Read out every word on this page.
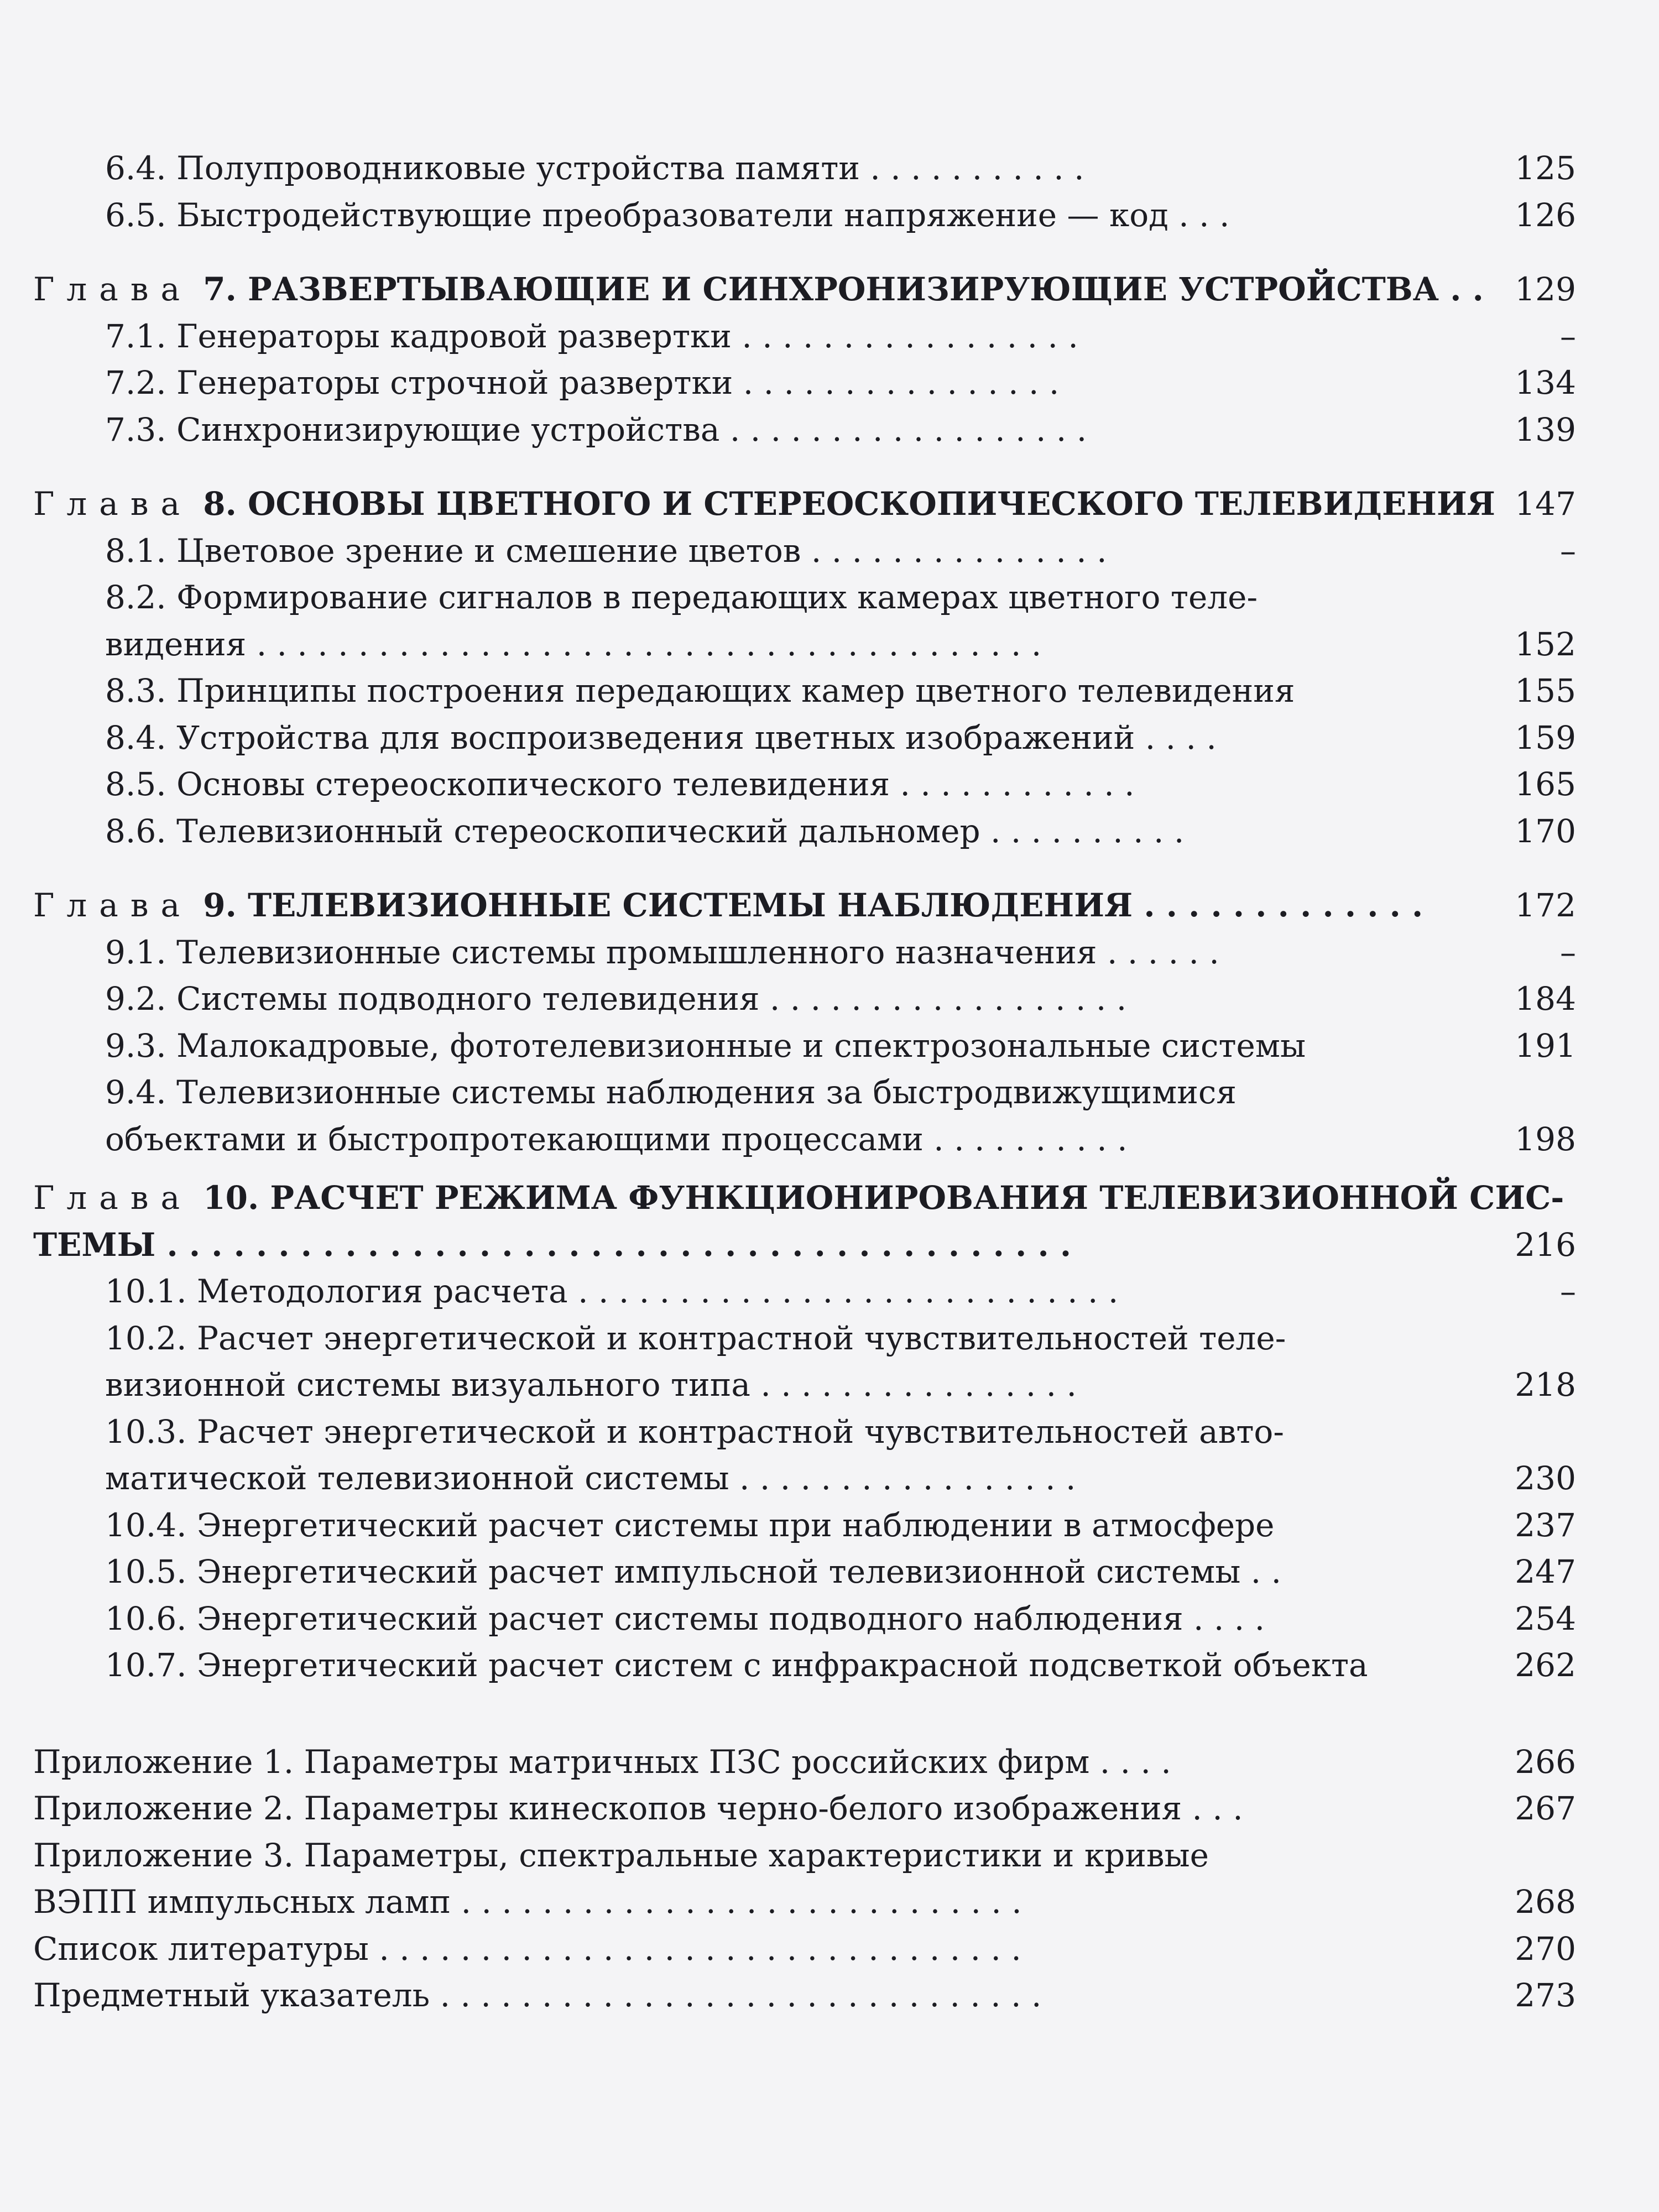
6.4. Полупроводниковые устройства памяти . . . . . . . . . . .	125
6.5. Быстродействующие преобразователи напряжение — код . . .	126
Глава 7. РАЗВЕРТЫВАЮЩИЕ И СИНХРОНИЗИРУЮЩИЕ УСТРОЙСТВА . . 129
7.1. Генераторы кадровой развертки . . . . . . . . . . . . . . . . .	–
7.2. Генераторы строчной развертки . . . . . . . . . . . . . . . .	134
7.3. Синхронизирующие устройства . . . . . . . . . . . . . . . . . .	139
Глава 8. ОСНОВЫ ЦВЕТНОГО И СТЕРЕОСКОПИЧЕСКОГО ТЕЛЕВИДЕНИЯ 147
8.1. Цветовое зрение и смешение цветов . . . . . . . . . . . . . . .	–
8.2. Формирование сигналов в передающих камерах цветного теле-
видения . . . . . . . . . . . . . . . . . . . . . . . . . . . . . . . . . . . . . . .	152
8.3. Принципы построения передающих камер цветного телевидения	155
8.4. Устройства для воспроизведения цветных изображений . . . .	159
8.5. Основы стереоскопического телевидения . . . . . . . . . . . .	165
8.6. Телевизионный стереоскопический дальномер . . . . . . . . . .	170
Глава 9. ТЕЛЕВИЗИОННЫЕ СИСТЕМЫ НАБЛЮДЕНИЯ . . . . . . . . . . . . .	172
9.1. Телевизионные системы промышленного назначения . . . . . .	–
9.2. Системы подводного телевидения . . . . . . . . . . . . . . . . . .	184
9.3. Малокадровые, фототелевизионные и спектрозональные системы	191
9.4. Телевизионные системы наблюдения за быстродвижущимися
объектами и быстропротекающими процессами . . . . . . . . . .	198
Глава 10. РАСЧЕТ РЕЖИМА ФУНКЦИОНИРОВАНИЯ ТЕЛЕВИЗИОННОЙ СИС-
ТЕМЫ . . . . . . . . . . . . . . . . . . . . . . . . . . . . . . . . . . . . . . . . .	216
10.1. Методология расчета . . . . . . . . . . . . . . . . . . . . . . . . . . .	–
10.2. Расчет энергетической и контрастной чувствительностей теле-
визионной системы визуального типа . . . . . . . . . . . . . . . .	218
10.3. Расчет энергетической и контрастной чувствительностей авто-
матической телевизионной системы . . . . . . . . . . . . . . . . .	230
10.4. Энергетический расчет системы при наблюдении в атмосфере	237
10.5. Энергетический расчет импульсной телевизионной системы . .	247
10.6. Энергетический расчет системы подводного наблюдения . . . .	254
10.7. Энергетический расчет систем с инфракрасной подсветкой объекта	262
Приложение 1. Параметры матричных ПЗС российских фирм . . . .	266
Приложение 2. Параметры кинескопов черно-белого изображения . . .	267
Приложение 3. Параметры, спектральные характеристики и кривые
ВЭПП импульсных ламп . . . . . . . . . . . . . . . . . . . . . . . . . . . .	268
Список литературы . . . . . . . . . . . . . . . . . . . . . . . . . . . . . . . .	270
Предметный указатель . . . . . . . . . . . . . . . . . . . . . . . . . . . . . .	273
